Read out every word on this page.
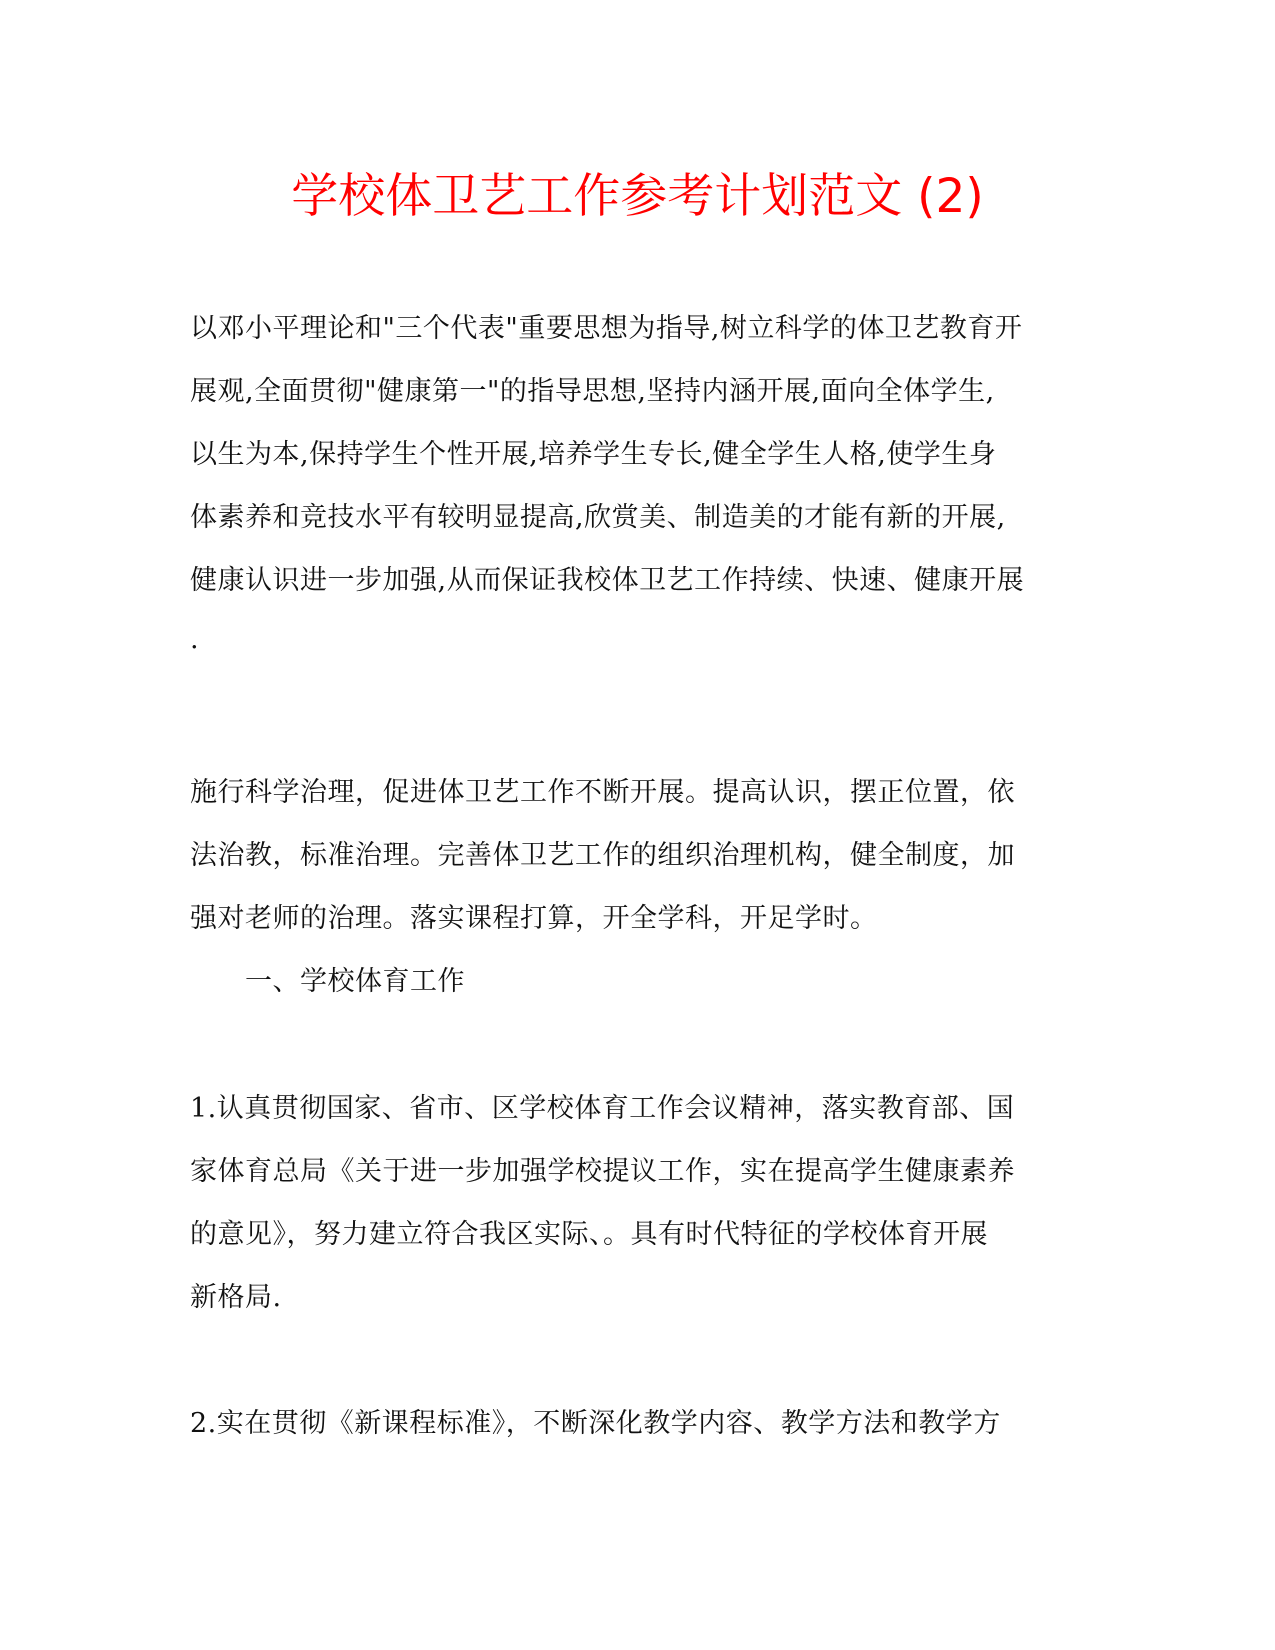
学校体卫艺工作参考计划范文 (2)
以邓小平理论和"三个代表"重要思想为指导,树立科学的体卫艺教育开
展观,全面贯彻"健康第一"的指导思想,坚持内涵开展,面向全体学生,
以生为本,保持学生个性开展,培养学生专长,健全学生人格,使学生身
体素养和竞技水平有较明显提高,欣赏美、制造美的才能有新的开展,
健康认识进一步加强,从而保证我校体卫艺工作持续、快速、健康开展
.
施行科学治理，促进体卫艺工作不断开展。提高认识，摆正位置，依
法治教，标准治理。完善体卫艺工作的组织治理机构，健全制度，加
强对老师的治理。落实课程打算，开全学科，开足学时。
一、学校体育工作
1.认真贯彻国家、省市、区学校体育工作会议精神，落实教育部、国
家体育总局《关于进一步加强学校提议工作，实在提高学生健康素养
的意见》，努力建立符合我区实际、。具有时代特征的学校体育开展
新格局.
2.实在贯彻《新课程标准》，不断深化教学内容、教学方法和教学方
